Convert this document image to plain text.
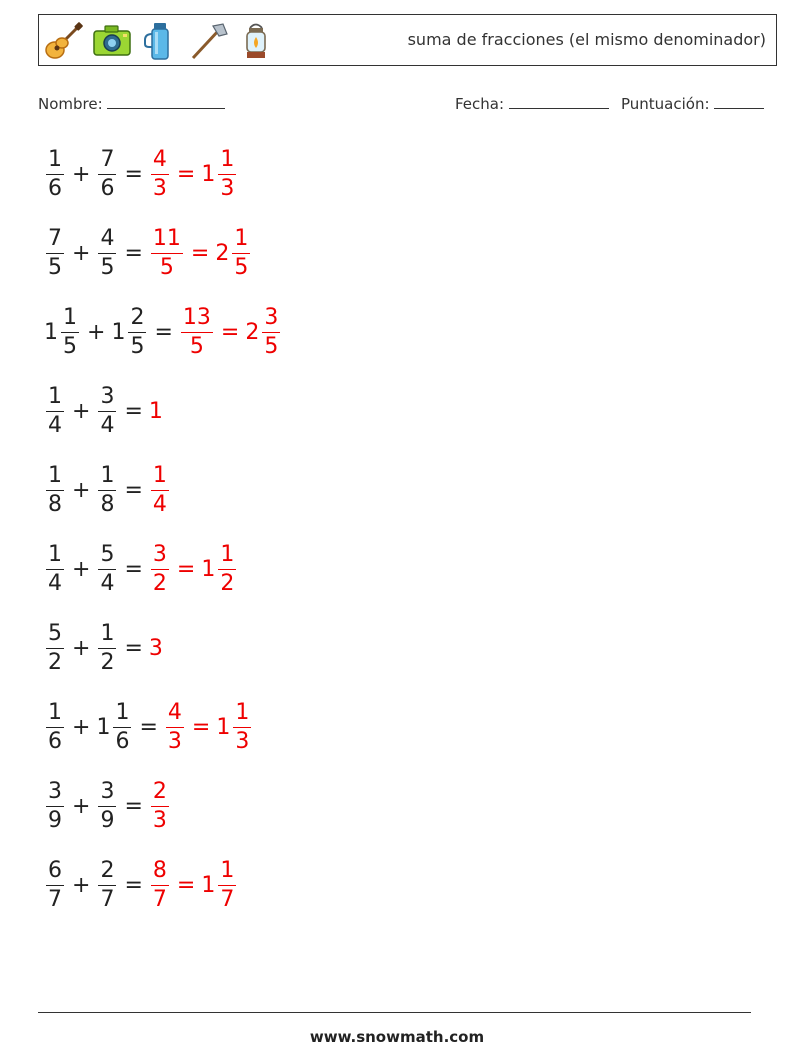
suma de fracciones (el mismo denominador)
Nombre:	Fecha:	Puntuación:
$\frac{1}{6} + \frac{7}{6} = \frac{4}{3} = 1 \frac{1}{3}$
$\frac{7}{5} + \frac{4}{5} = \frac{11}{5} = 2 \frac{1}{5}$
$1 \frac{1}{5} + 1 \frac{2}{5} = \frac{13}{5} = 2 \frac{3}{5}$
$\frac{1}{4} + \frac{3}{4} = 1$
$\frac{1}{8} + \frac{1}{8} = \frac{1}{4}$
$\frac{1}{4} + \frac{5}{4} = \frac{3}{2} = 1 \frac{1}{2}$
$\frac{5}{2} + \frac{1}{2} = 3$
$\frac{1}{6} + 1 \frac{1}{6} = \frac{4}{3} = 1 \frac{1}{3}$
$\frac{3}{9} + \frac{3}{9} = \frac{2}{3}$
$\frac{6}{7} + \frac{2}{7} = \frac{8}{7} = 1 \frac{1}{7}$
www.snowmath.com
